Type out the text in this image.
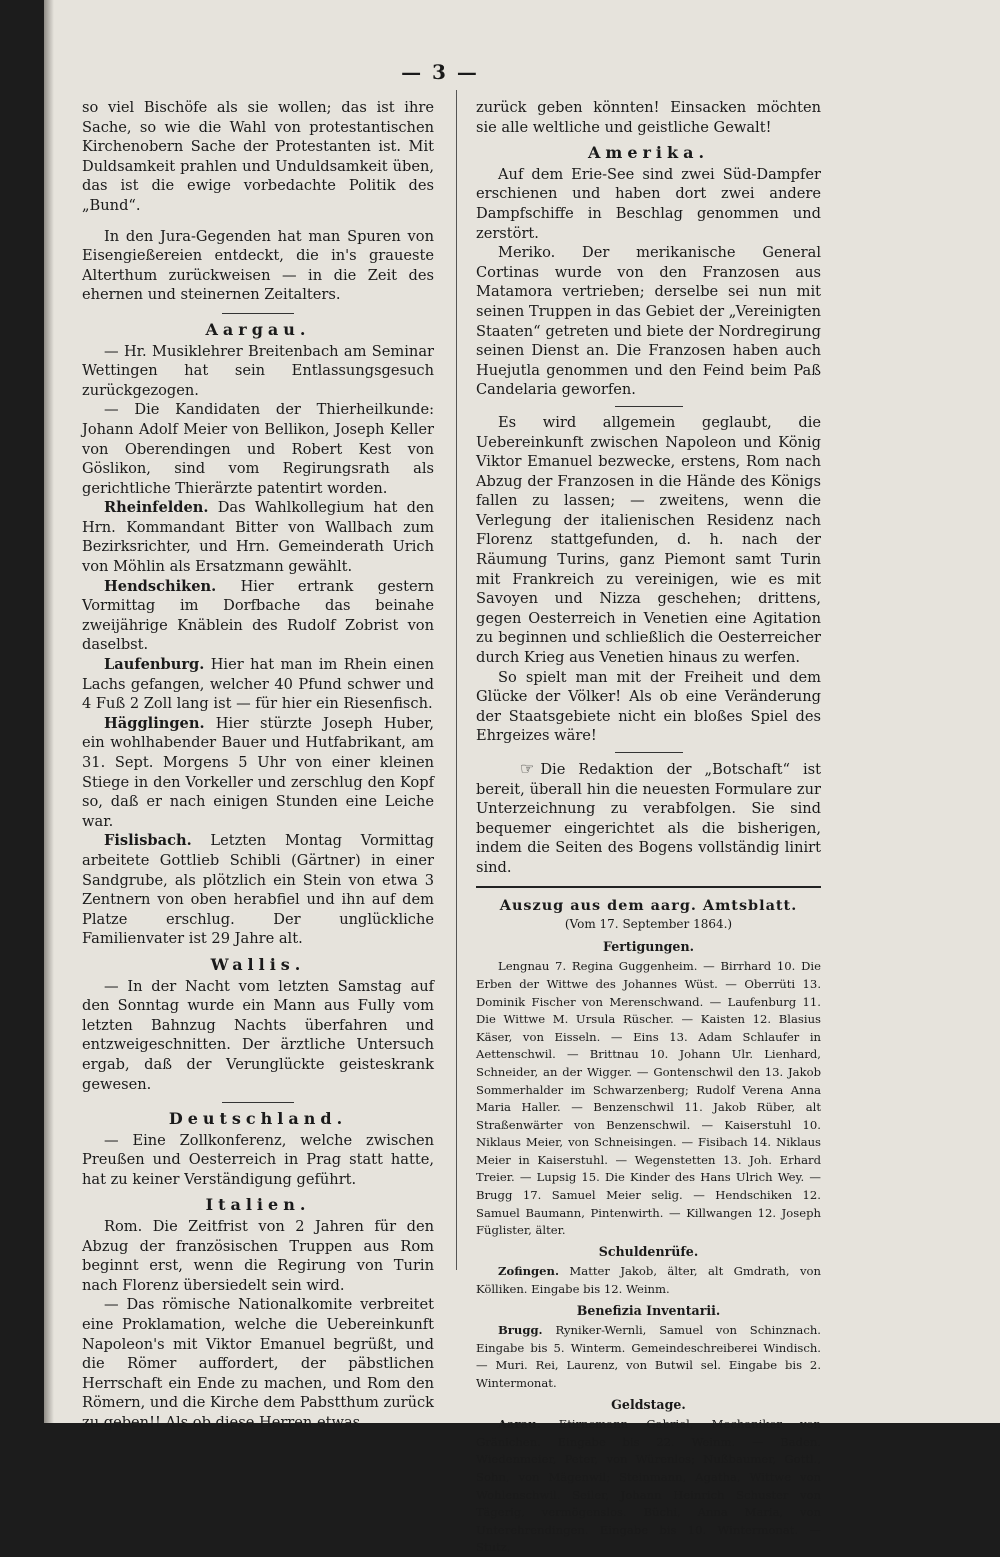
— 3 —

so viel Bischöfe als sie wollen; das ist ihre Sache, so wie die Wahl von protestantischen Kirchenobern Sache der Protestanten ist. Mit Duldsamkeit prahlen und Unduldsamkeit üben, das ist die ewige vorbedachte Politik des „Bund“.

In den Jura-Gegenden hat man Spuren von Eisengießereien entdeckt, die in's graueste Alterthum zurückweisen — in die Zeit des ehernen und steinernen Zeitalters.

Aargau.

— Hr. Musiklehrer Breitenbach am Seminar Wettingen hat sein Entlassungsgesuch zurückgezogen.

— Die Kandidaten der Thierheilkunde: Johann Adolf Meier von Bellikon, Joseph Keller von Oberendingen und Robert Kest von Göslikon, sind vom Regirungsrath als gerichtliche Thierärzte patentirt worden.

Rheinfelden. Das Wahlkollegium hat den Hrn. Kommandant Bitter von Wallbach zum Bezirksrichter, und Hrn. Gemeinderath Urich von Möhlin als Ersatzmann gewählt.

Hendschiken. Hier ertrank gestern Vormittag im Dorfbache das beinahe zweijährige Knäblein des Rudolf Zobrist von daselbst.

Laufenburg. Hier hat man im Rhein einen Lachs gefangen, welcher 40 Pfund schwer und 4 Fuß 2 Zoll lang ist — für hier ein Riesenfisch.

Hägglingen. Hier stürzte Joseph Huber, ein wohlhabender Bauer und Hutfabrikant, am 31. Sept. Morgens 5 Uhr von einer kleinen Stiege in den Vorkeller und zerschlug den Kopf so, daß er nach einigen Stunden eine Leiche war.

Fislisbach. Letzten Montag Vormittag arbeitete Gottlieb Schibli (Gärtner) in einer Sandgrube, als plötzlich ein Stein von etwa 3 Zentnern von oben herabfiel und ihn auf dem Platze erschlug. Der unglückliche Familienvater ist 29 Jahre alt.

Wallis.

— In der Nacht vom letzten Samstag auf den Sonntag wurde ein Mann aus Fully vom letzten Bahnzug Nachts überfahren und entzweigeschnitten. Der ärztliche Untersuch ergab, daß der Verunglückte geisteskrank gewesen.

Deutschland.

— Eine Zollkonferenz, welche zwischen Preußen und Oesterreich in Prag statt hatte, hat zu keiner Verständigung geführt.

Italien.

Rom. Die Zeitfrist von 2 Jahren für den Abzug der französischen Truppen aus Rom beginnt erst, wenn die Regirung von Turin nach Florenz übersiedelt sein wird.

— Das römische Nationalkomite verbreitet eine Proklamation, welche die Uebereinkunft Napoleon's mit Viktor Emanuel begrüßt, und die Römer auffordert, der päbstlichen Herrschaft ein Ende zu machen, und Rom den Römern, und die Kirche dem Pabstthum zurück zu geben!! Als ob diese Herren etwas

zurück geben könnten! Einsacken möchten sie alle weltliche und geistliche Gewalt!

Amerika.

Auf dem Erie-See sind zwei Süd-Dampfer erschienen und haben dort zwei andere Dampfschiffe in Beschlag genommen und zerstört.

Meriko. Der merikanische General Cortinas wurde von den Franzosen aus Matamora vertrieben; derselbe sei nun mit seinen Truppen in das Gebiet der „Vereinigten Staaten“ getreten und biete der Nordregirung seinen Dienst an. Die Franzosen haben auch Huejutla genommen und den Feind beim Paß Candelaria geworfen.

Es wird allgemein geglaubt, die Uebereinkunft zwischen Napoleon und König Viktor Emanuel bezwecke, erstens, Rom nach Abzug der Franzosen in die Hände des Königs fallen zu lassen; — zweitens, wenn die Verlegung der italienischen Residenz nach Florenz stattgefunden, d. h. nach der Räumung Turins, ganz Piemont samt Turin mit Frankreich zu vereinigen, wie es mit Savoyen und Nizza geschehen; drittens, gegen Oesterreich in Venetien eine Agitation zu beginnen und schließlich die Oesterreicher durch Krieg aus Venetien hinaus zu werfen.

So spielt man mit der Freiheit und dem Glücke der Völker! Als ob eine Veränderung der Staatsgebiete nicht ein bloßes Spiel des Ehrgeizes wäre!

☞ Die Redaktion der „Botschaft“ ist bereit, überall hin die neuesten Formulare zur Unterzeichnung zu verabfolgen. Sie sind bequemer eingerichtet als die bisherigen, indem die Seiten des Bogens vollständig linirt sind.

Auszug aus dem aarg. Amtsblatt.
(Vom 17. September 1864.)
Fertigungen.

Lengnau 7. Regina Guggenheim. — Birrhard 10. Die Erben der Wittwe des Johannes Wüst. — Oberrüti 13. Dominik Fischer von Merenschwand. — Laufenburg 11. Die Wittwe M. Ursula Rüscher. — Kaisten 12. Blasius Käser, von Eisseln. — Eins 13. Adam Schlaufer in Aettenschwil. — Brittnau 10. Johann Ulr. Lienhard, Schneider, an der Wigger. — Gontenschwil den 13. Jakob Sommerhalder im Schwarzenberg; Rudolf Verena Anna Maria Haller. — Benzenschwil 11. Jakob Rüber, alt Straßenwärter von Benzenschwil. — Kaiserstuhl 10. Niklaus Meier, von Schneisingen. — Fisibach 14. Niklaus Meier in Kaiserstuhl. — Wegenstetten 13. Joh. Erhard Treier. — Lupsig 15. Die Kinder des Hans Ulrich Wey. — Brugg 17. Samuel Meier selig. — Hendschiken 12. Samuel Baumann, Pintenwirth. — Killwangen 12. Joseph Füglister, älter.

Schuldenrüfe.

Zofingen. Matter Jakob, älter, alt Gmdrath, von Kölliken. Eingabe bis 12. Weinm.

Benefizia Inventarii.

Brugg. Ryniker-Wernli, Samuel von Schinznach. Eingabe bis 5. Winterm. Gemeindeschreiberei Windisch. — Muri. Rei, Laurenz, von Butwil sel. Eingabe bis 2. Wintermonat.

Geldstage.

Aarau. Etirnemann Gabriel, Mechaniker von Gränichen. Eingabe bis 22. Weinm. — Baden. Wiedenmeier, Peter, von Würenlos; Nußbaumer, Gottl., Sohn, von Mägenwil; Steinmann, Agatha, Wittwe von Wohlenschwil. Seiler, Johann Heinrich Schuster von Tägerig, vermögenslos. Büchi, Anna Maria, von Unterehrendingen. Eingabe bis 10. Wintermonat. — Stutz,
